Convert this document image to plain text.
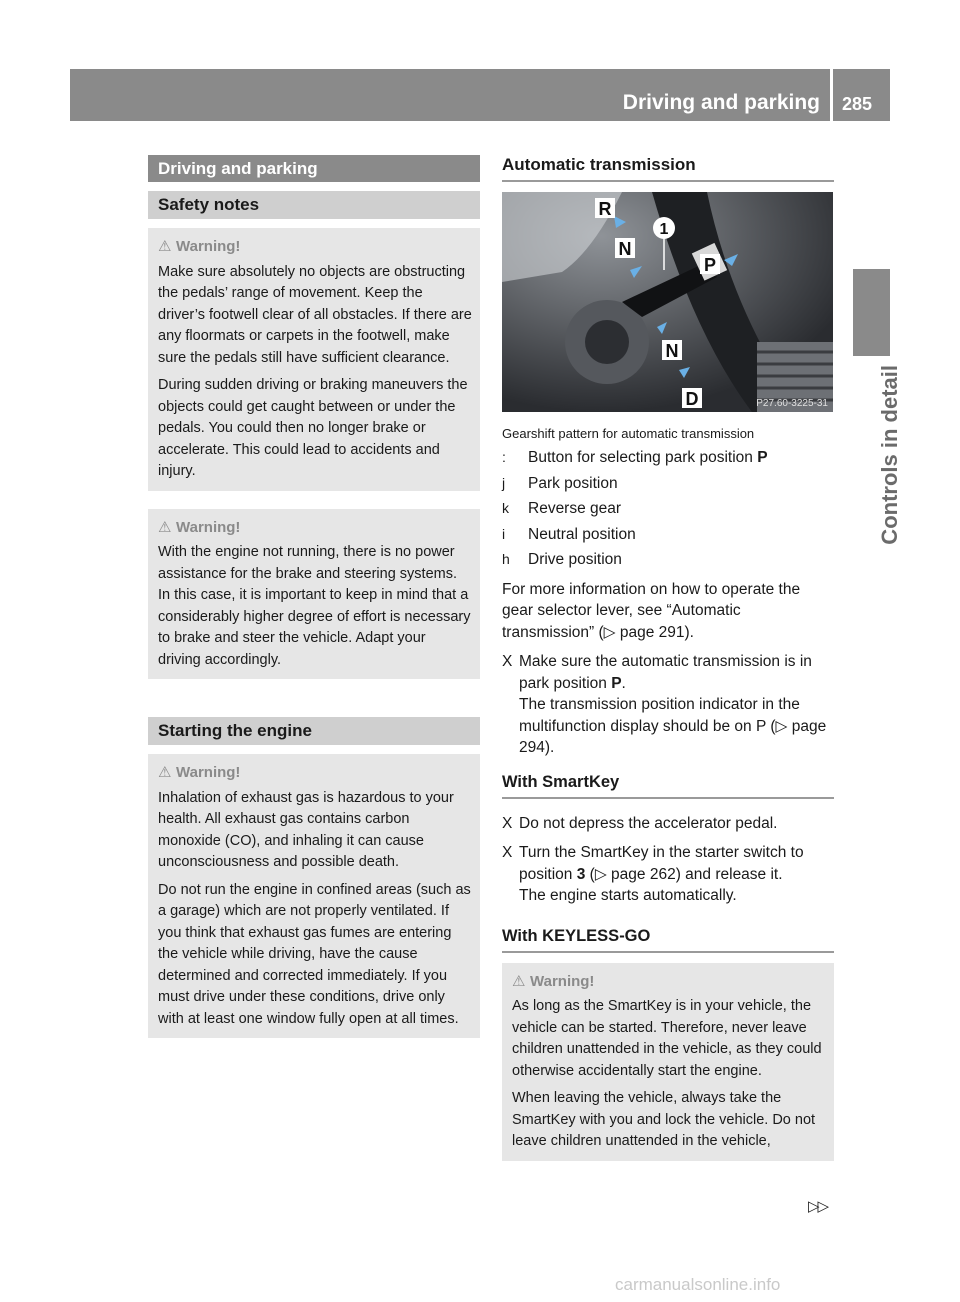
Driving and parking 285
Controls in detail
Driving and parking
Safety notes
⚠ Warning!

Make sure absolutely no objects are obstructing the pedals’ range of movement. Keep the driver’s footwell clear of all obstacles. If there are any floormats or carpets in the footwell, make sure the pedals still have sufficient clearance.

During sudden driving or braking maneuvers the objects could get caught between or under the pedals. You could then no longer brake or accelerate. This could lead to accidents and injury.

⚠ Warning!

With the engine not running, there is no power assistance for the brake and steering systems. In this case, it is important to keep in mind that a considerably higher degree of effort is necessary to brake and steer the vehicle. Adapt your driving accordingly.

Starting the engine
⚠ Warning!

Inhalation of exhaust gas is hazardous to your health. All exhaust gas contains carbon monoxide (CO), and inhaling it can cause unconsciousness and possible death.

Do not run the engine in confined areas (such as a garage) which are not properly ventilated. If you think that exhaust gas fumes are entering the vehicle while driving, have the cause determined and corrected immediately. If you must drive under these conditions, drive only with at least one window fully open at all times.

Automatic transmission
R
N
1
P
N
D	P27.60-3225-31
Gearshift pattern for automatic transmission
: Button for selecting park position P
j Park position
k Reverse gear
i Neutral position
h Drive position

For more information on how to operate the gear selector lever, see “Automatic transmission” (▷ page 291).

X Make sure the automatic transmission is in park position P.
The transmission position indicator in the multifunction display should be on P (▷ page 294).
With SmartKey
X Do not depress the accelerator pedal.
X Turn the SmartKey in the starter switch to position 3 (▷ page 262) and release it.
The engine starts automatically.
With KEYLESS-GO
⚠ Warning!

As long as the SmartKey is in your vehicle, the vehicle can be started. Therefore, never leave children unattended in the vehicle, as they could otherwise accidentally start the engine.

When leaving the vehicle, always take the SmartKey with you and lock the vehicle. Do not leave children unattended in the vehicle,

▷▷
carmanualsonline.info
